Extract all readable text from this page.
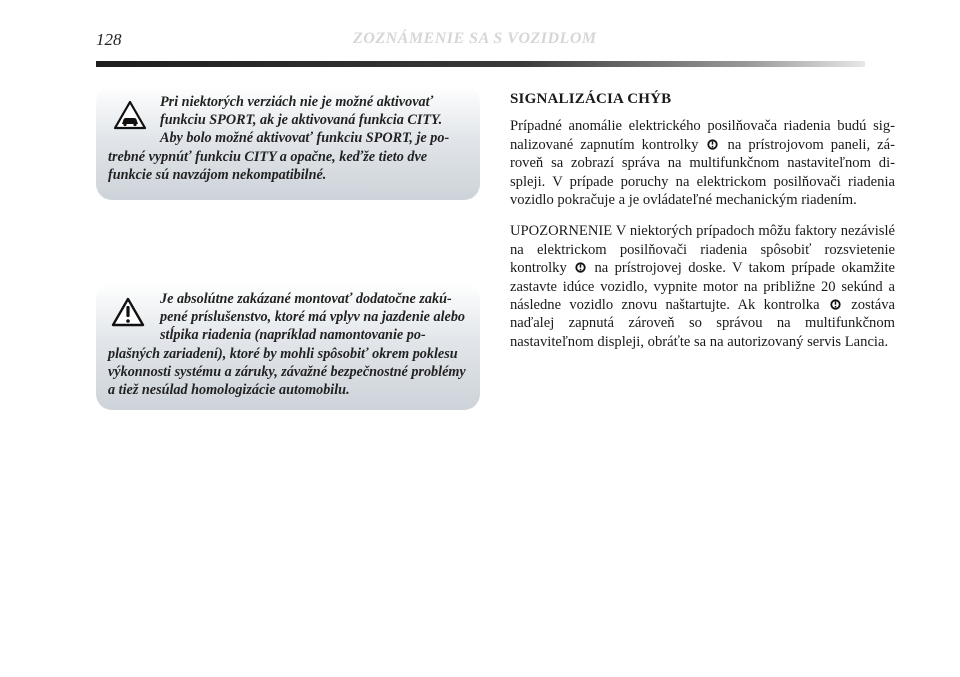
128	ZOZNÁMENIE SA S VOZIDLOM
Pri niektorých verziách nie je možné aktivovať funkciu SPORT, ak je aktivovaná funkcia CITY. Aby bolo možné aktivovať funkciu SPORT, je potrebné vypnúť funkciu CITY a opačne, keďže tieto dve funkcie sú navzájom nekompatibilné.
Je absolútne zakázané montovať dodatočne zakúpené príslušenstvo, ktoré má vplyv na jazdenie alebo stĺpika riadenia (napríklad namontovanie poplašných zariadení), ktoré by mohli spôsobiť okrem poklesu výkonnosti systému a záruky, závažné bezpečnostné problémy a tiež nesúlad homologizácie automobilu.
SIGNALIZÁCIA CHÝB

Prípadné anomálie elektrického posilňovača riadenia budú signalizované zapnutím kontrolky na prístrojovom paneli, zároveň sa zobrazí správa na multifunkčnom nastaviteľnom displeji. V prípade poruchy na elektrickom posilňovači riadenia vozidlo pokračuje a je ovládateľné mechanickým riadením.

UPOZORNENIE V niektorých prípadoch môžu faktory nezávislé na elektrickom posilňovači riadenia spôsobiť rozsvietenie kontrolky na prístrojovej doske. V takom prípade okamžite zastavte idúce vozidlo, vypnite motor na približne 20 sekúnd a následne vozidlo znovu naštartujte. Ak kontrolka zostáva naďalej zapnutá zároveň so správou na multifunkčnom nastaviteľnom displeji, obráťte sa na autorizovaný servis Lancia.
